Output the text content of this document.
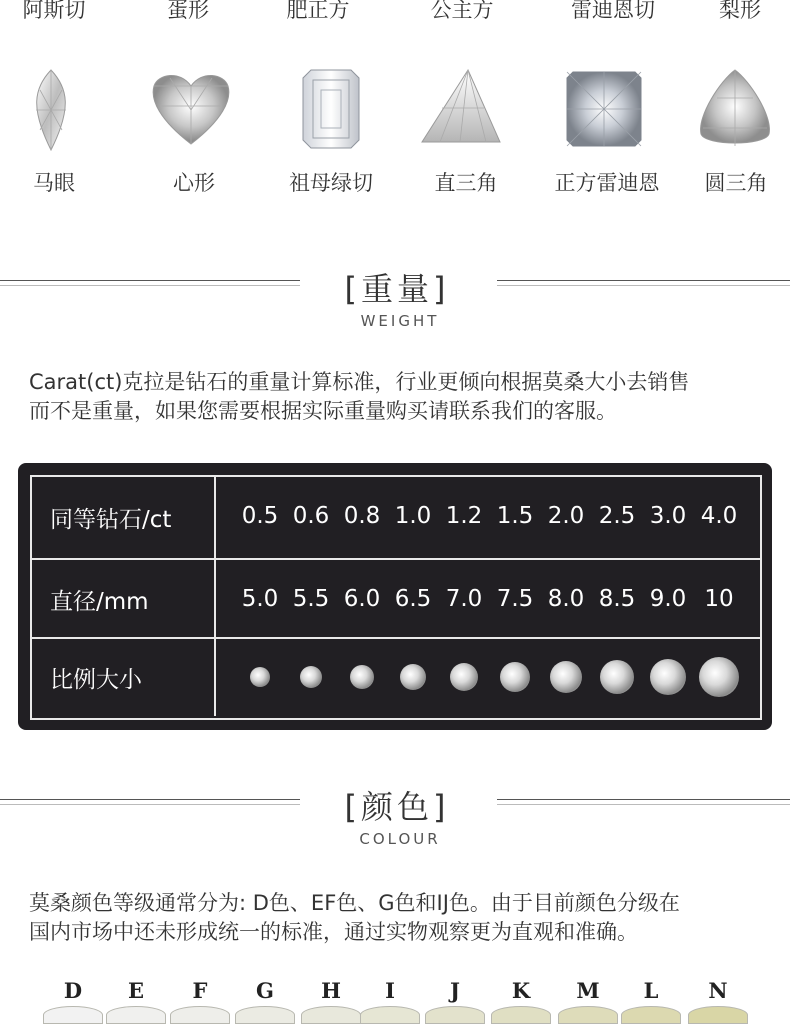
阿斯切	蛋形	肥正方	公主方	雷迪恩切	梨形
马眼	心形	祖母绿切	直三角	正方雷迪恩 圆三角
[重量]
WEIGHT
Carat(ct)克拉是钻石的重量计算标准，行业更倾向根据莫桑大小去销售
而不是重量，如果您需要根据实际重量购买请联系我们的客服。
同等钻石/ct	0.5 0.6 0.8 1.0 1.2 1.5 2.0 2.5 3.0 4.0
直径/mm	5.0 5.5 6.0 6.5 7.0 7.5 8.0 8.5 9.0 10
比例大小
[颜色]
COLOUR
莫桑颜色等级通常分为: D色、EF色、G色和IJ色。由于目前颜色分级在
国内市场中还未形成统一的标准，通过实物观察更为直观和准确。
D E F G H I	J K M L N
